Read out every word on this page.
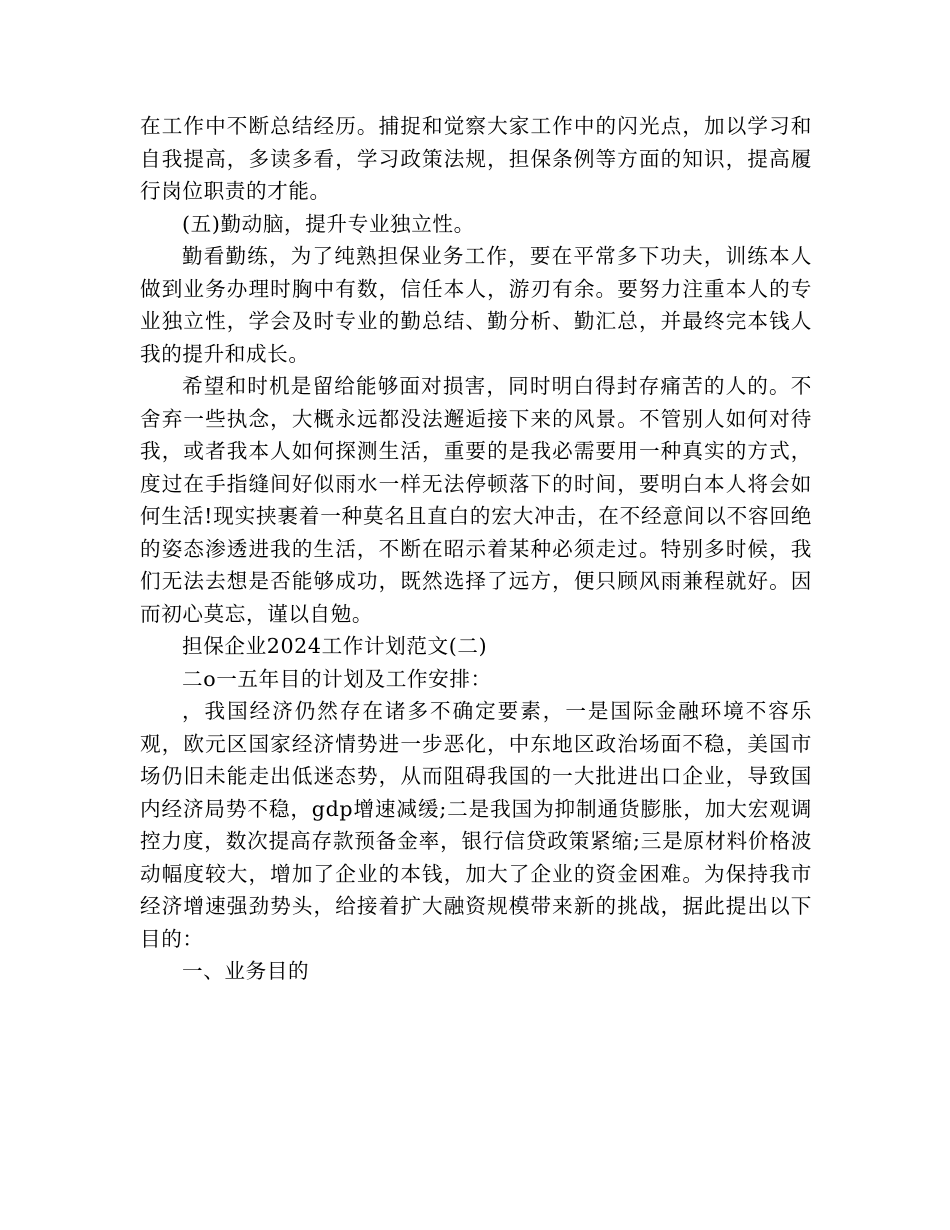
在工作中不断总结经历。捕捉和觉察大家工作中的闪光点，加以学习和自我提高，多读多看，学习政策法规，担保条例等方面的知识，提高履行岗位职责的才能。

(五)勤动脑，提升专业独立性。

勤看勤练，为了纯熟担保业务工作，要在平常多下功夫，训练本人做到业务办理时胸中有数，信任本人，游刃有余。要努力注重本人的专业独立性，学会及时专业的勤总结、勤分析、勤汇总，并最终完本钱人我的提升和成长。

希望和时机是留给能够面对损害，同时明白得封存痛苦的人的。不舍弃一些执念，大概永远都没法邂逅接下来的风景。不管别人如何对待我，或者我本人如何探测生活，重要的是我必需要用一种真实的方式，度过在手指缝间好似雨水一样无法停顿落下的时间，要明白本人将会如何生活!现实挟裹着一种莫名且直白的宏大冲击，在不经意间以不容回绝的姿态渗透进我的生活，不断在昭示着某种必须走过。特别多时候，我们无法去想是否能够成功，既然选择了远方，便只顾风雨兼程就好。因而初心莫忘，谨以自勉。

担保企业2024工作计划范文(二)

二o一五年目的计划及工作安排：

，我国经济仍然存在诸多不确定要素，一是国际金融环境不容乐观，欧元区国家经济情势进一步恶化，中东地区政治场面不稳，美国市场仍旧未能走出低迷态势，从而阻碍我国的一大批进出口企业，导致国内经济局势不稳，gdp增速减缓;二是我国为抑制通货膨胀，加大宏观调控力度，数次提高存款预备金率，银行信贷政策紧缩;三是原材料价格波动幅度较大，增加了企业的本钱，加大了企业的资金困难。为保持我市经济增速强劲势头，给接着扩大融资规模带来新的挑战，据此提出以下目的：

一、业务目的
